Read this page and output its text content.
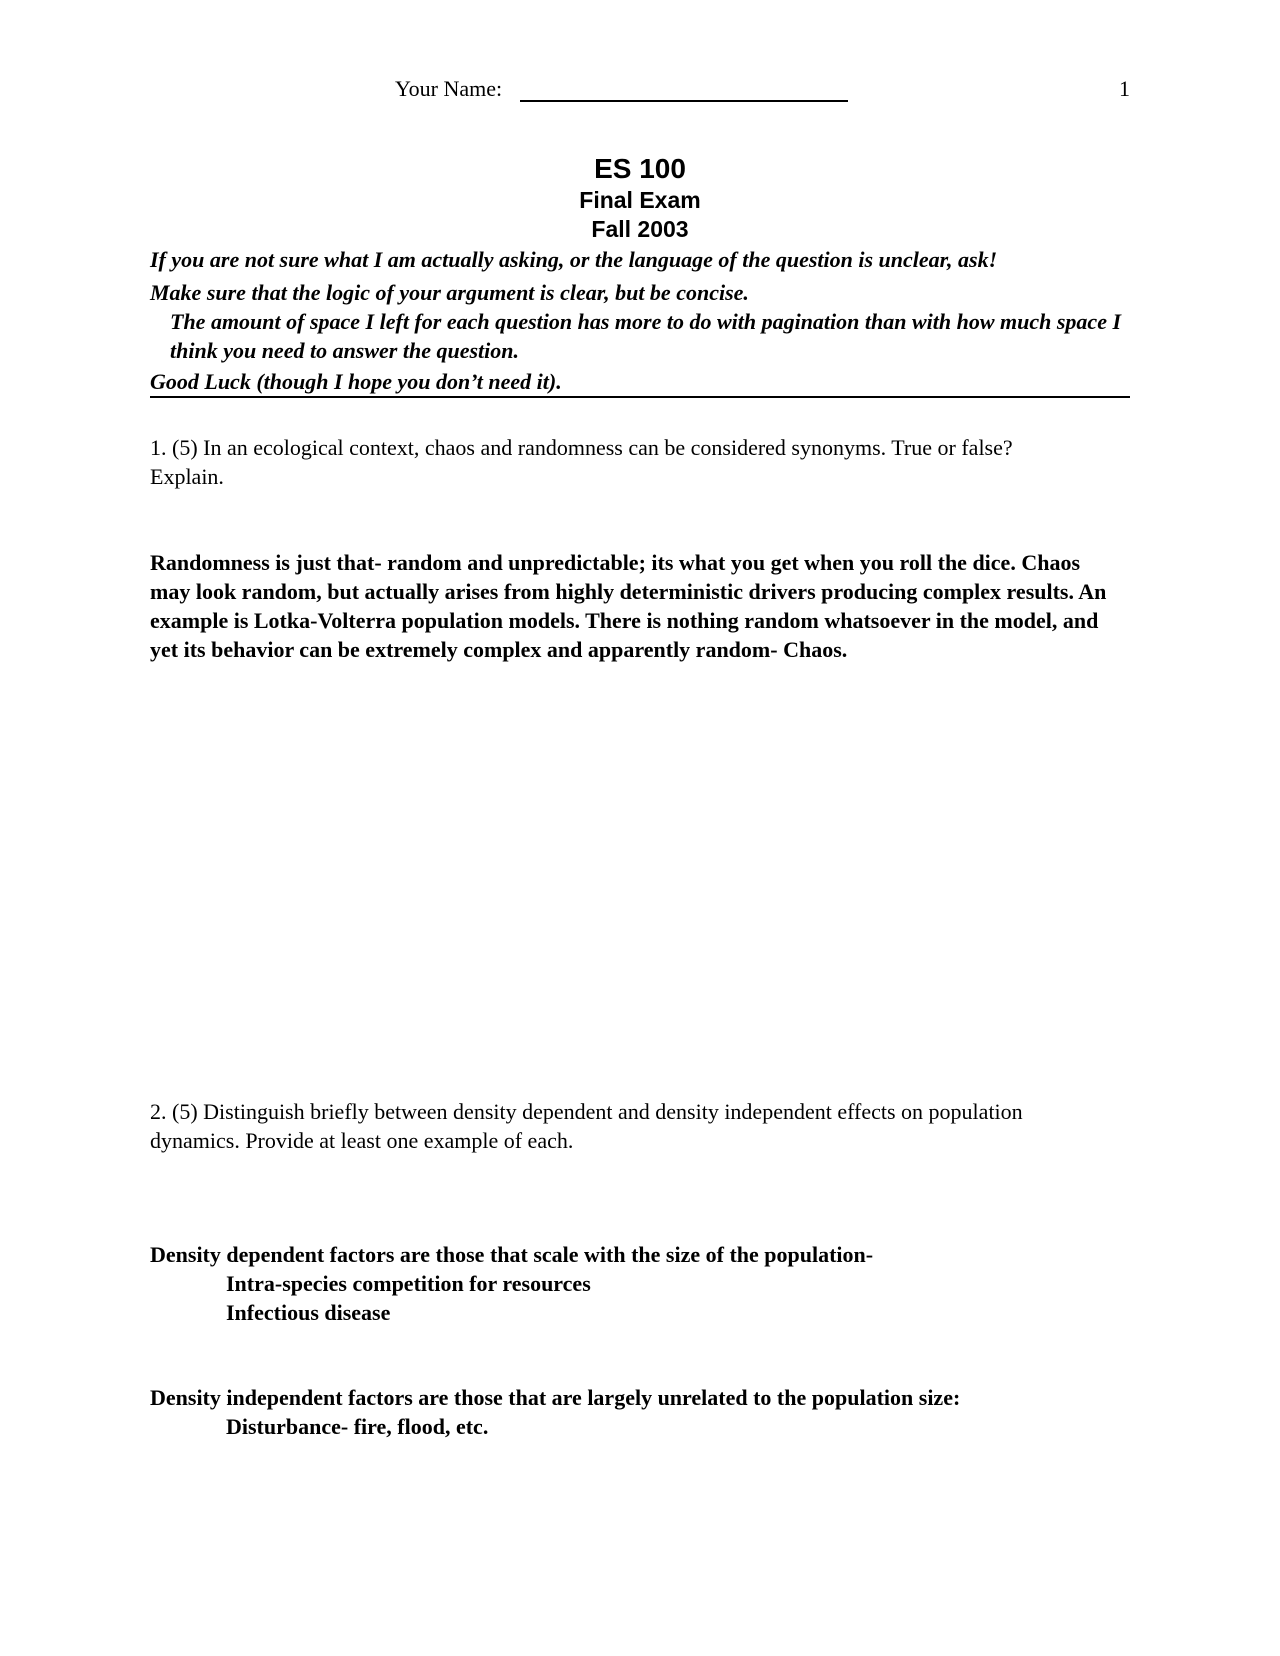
Your Name:	1
ES 100
Final Exam
Fall 2003
If you are not sure what I am actually asking, or the language of the question is unclear, ask!
Make sure that the logic of your argument is clear, but be concise.
The amount of space I left for each question has more to do with pagination than with how much space I think you need to answer the question.
Good Luck (though I hope you don’t need it).
1. (5) In an ecological context, chaos and randomness can be considered synonyms. True or false? Explain.
Randomness is just that- random and unpredictable; its what you get when you roll the dice. Chaos may look random, but actually arises from highly deterministic drivers producing complex results. An example is Lotka-Volterra population models. There is nothing random whatsoever in the model, and yet its behavior can be extremely complex and apparently random- Chaos.
2. (5) Distinguish briefly between density dependent and density independent effects on population dynamics. Provide at least one example of each.
Density dependent factors are those that scale with the size of the population-
Intra-species competition for resources
Infectious disease
Density independent factors are those that are largely unrelated to the population size:
Disturbance- fire, flood, etc.
